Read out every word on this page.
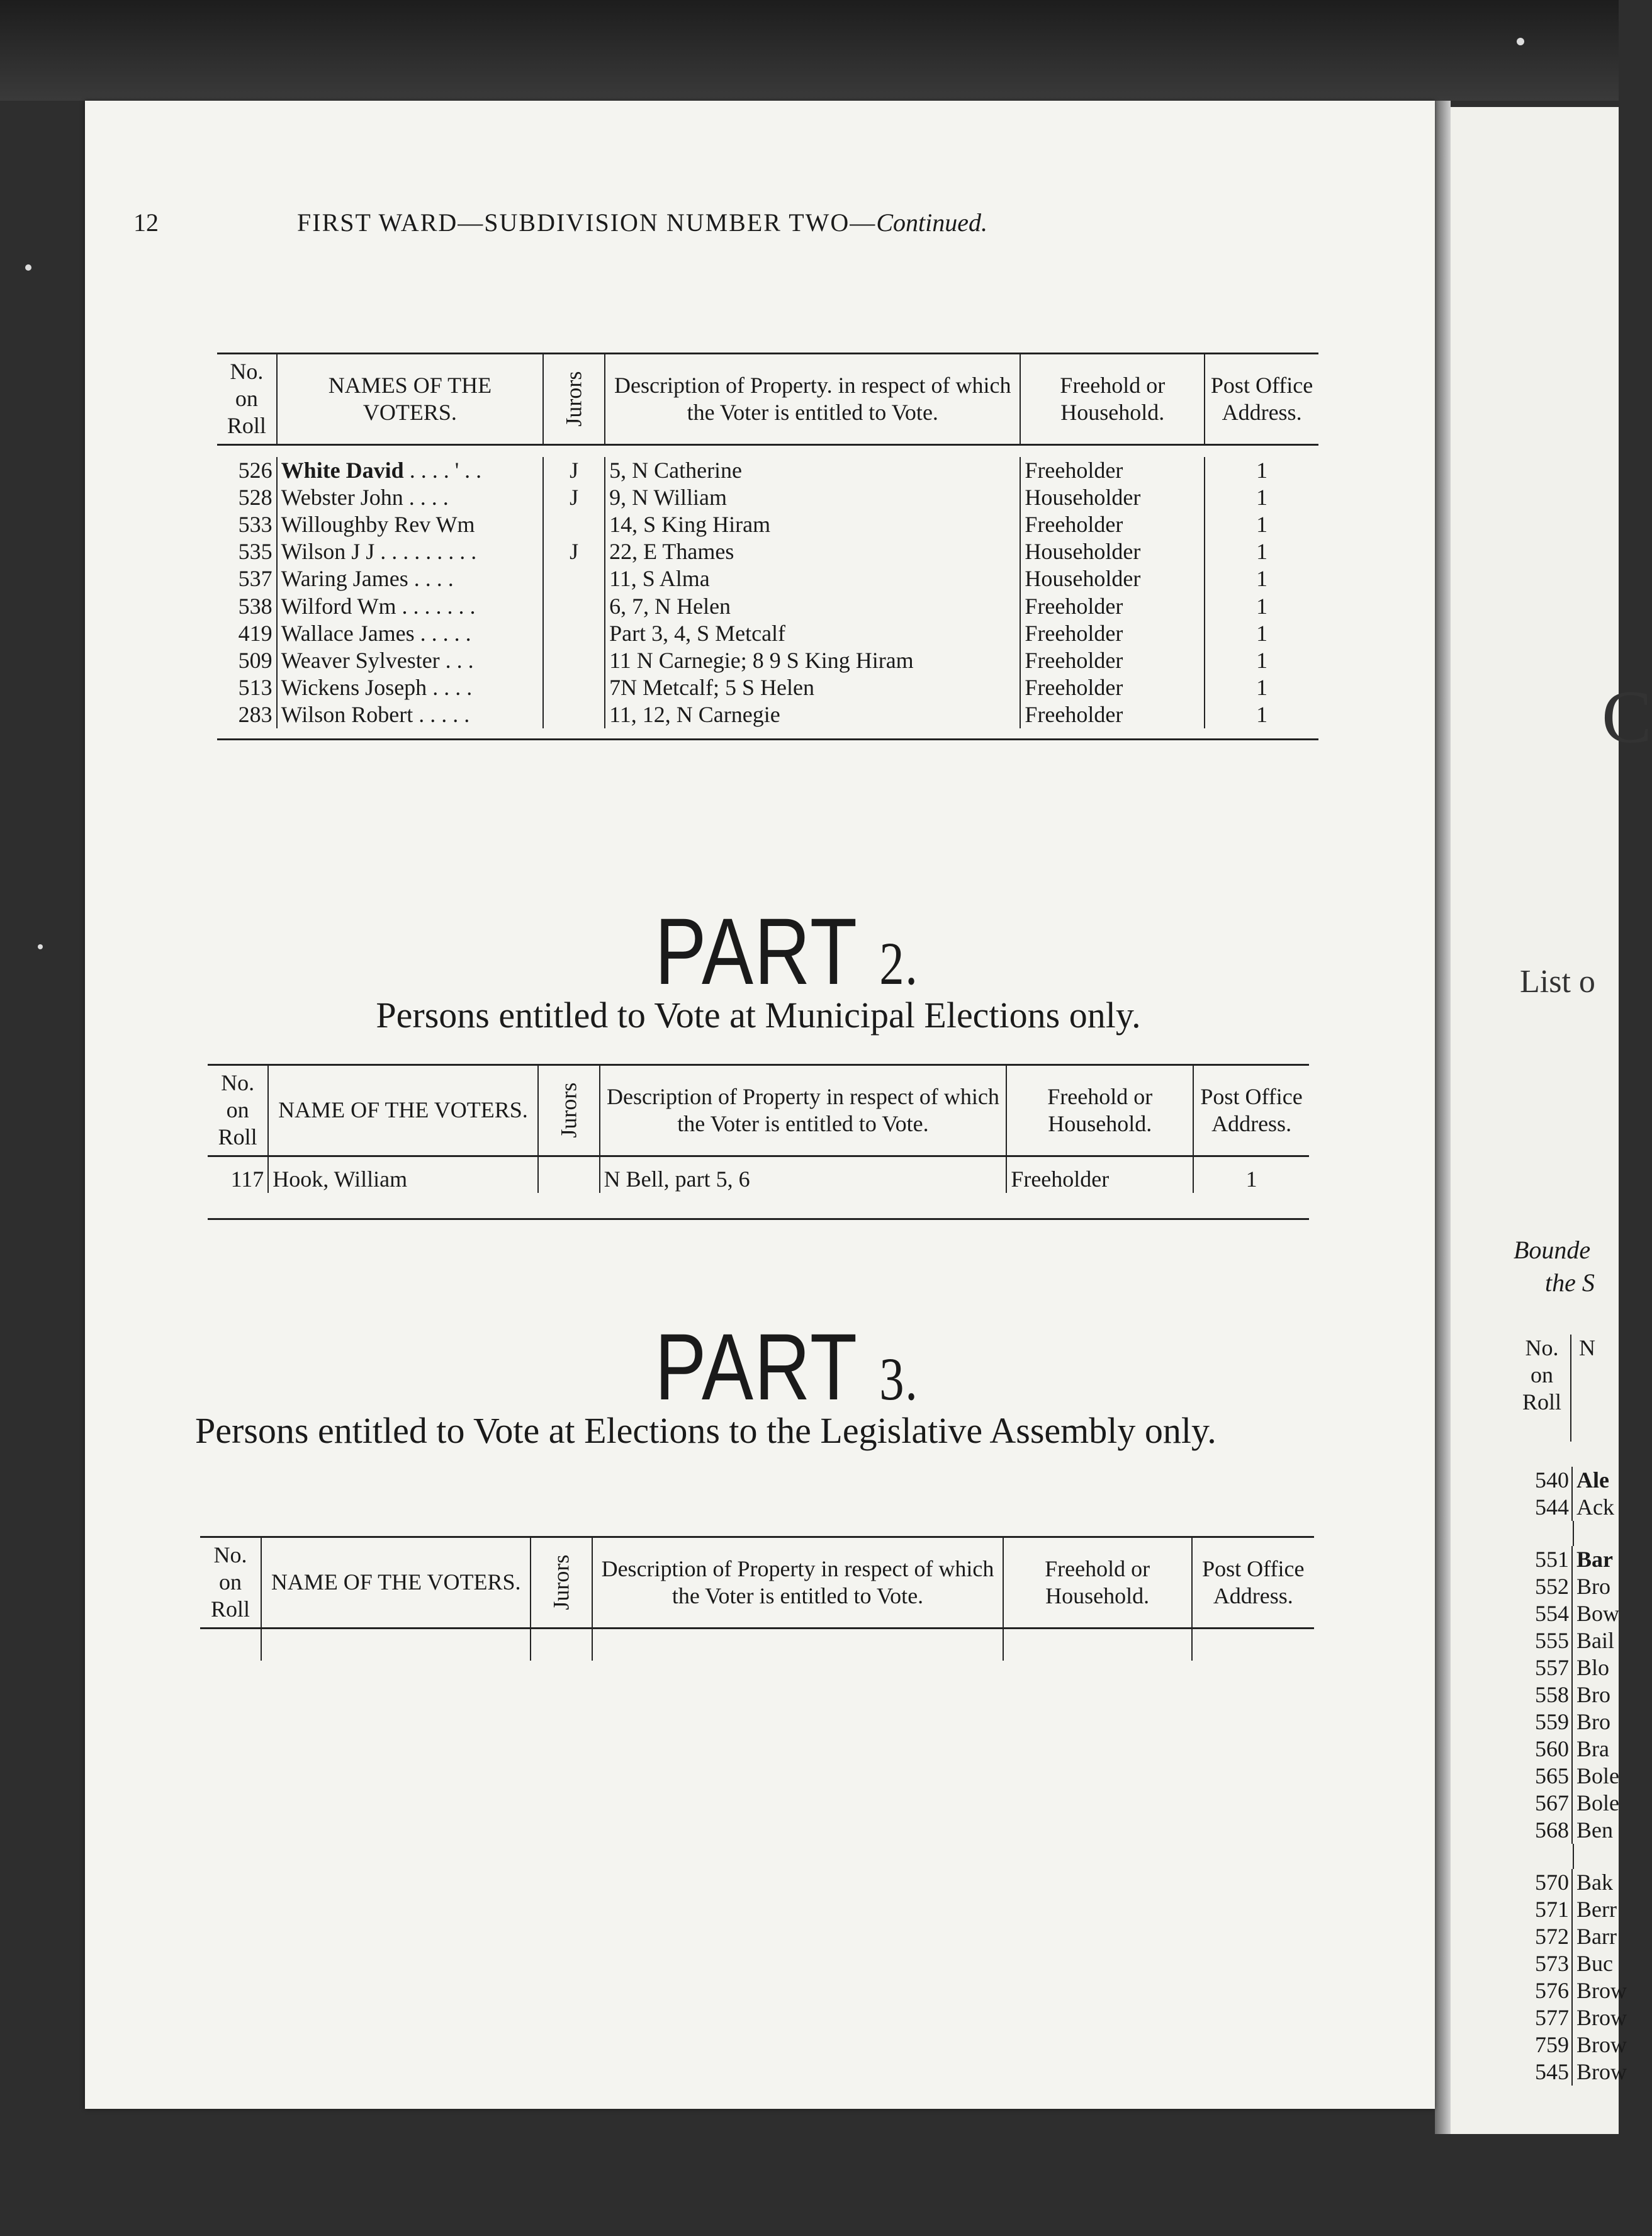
12	FIRST WARD—SUBDIVISION NUMBER TWO—Continued.
No. on Roll	NAMES OF THE VOTERS.	Jurors	Description of Property. in respect of which the Voter is entitled to Vote.	Freehold or Household.	Post Office Address.

526	White David . . . . ' . .	J	5, N Catherine	Freeholder	1
528	Webster John . . . .	J	9, N William	Householder	1
533	Willoughby Rev Wm		14, S King Hiram	Freeholder	1
535	Wilson J J . . . . . . . . .	J	22, E Thames	Householder	1
537	Waring James . . . .		11, S Alma	Householder	1
538	Wilford Wm . . . . . . .		6, 7, N Helen	Freeholder	1
419	Wallace James . . . . .		Part 3, 4, S Metcalf	Freeholder	1
509	Weaver Sylvester . . .		11 N Carnegie; 8 9 S King Hiram	Freeholder	1
513	Wickens Joseph . . . .		7N Metcalf; 5 S Helen	Freeholder	1
283	Wilson Robert . . . . .		11, 12, N Carnegie	Freeholder	1

PART 2.
Persons entitled to Vote at Municipal Elections only.
No. on Roll	NAME OF THE VOTERS.	Jurors	Description of Property in respect of which the Voter is entitled to Vote.	Freehold or Household.	Post Office Address.
117	Hook, William		N Bell, part 5, 6	Freeholder	1

PART 3.
Persons entitled to Vote at Elections to the Legislative Assembly only.
No. on Roll	NAME OF THE VOTERS.	Jurors	Description of Property in respect of which the Voter is entitled to Vote.	Freehold or Household.	Post Office Address.

C
List o
Bounde
the S
No. on RollN
540 Ale
544 Ack
551 Bar
552 Bro
554 Bow
555 Bail
557 Blo
558 Bro
559 Bro
560 Bra
565 Bole
567 Bole
568 Ben
570 Bak
571 Berr
572 Barr
573 Buc
576 Brow
577 Brow
759 Brow
545 Brow
